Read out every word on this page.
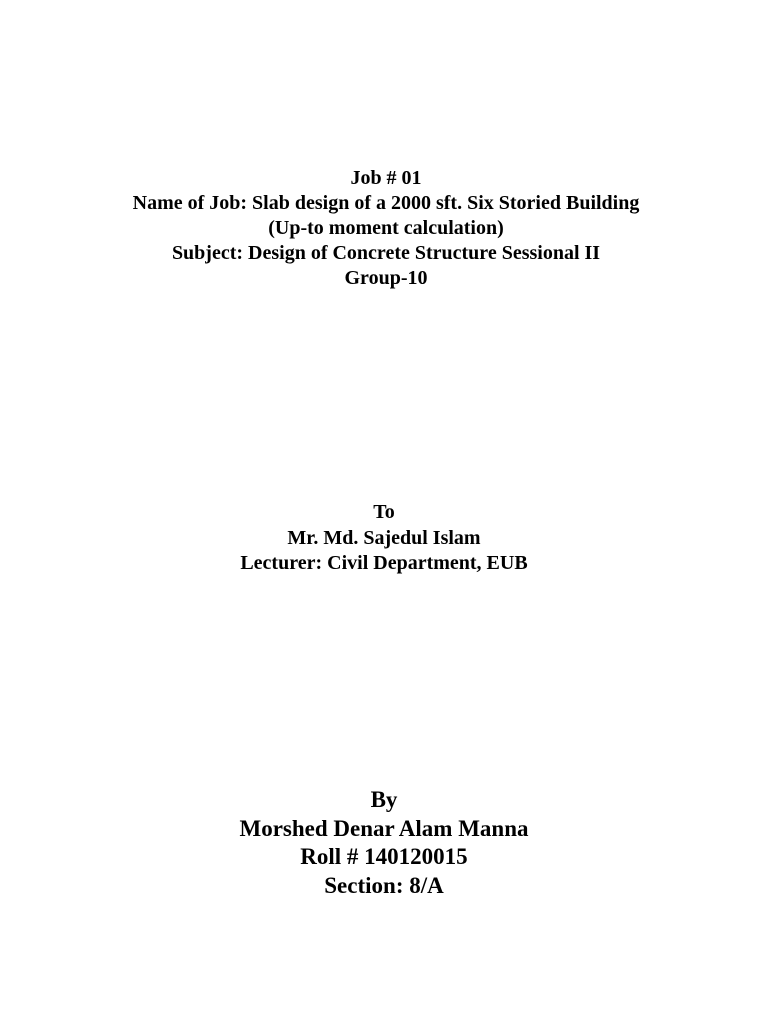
Job # 01
Name of Job: Slab design of a 2000 sft. Six Storied Building
(Up-to moment calculation)
Subject: Design of Concrete Structure Sessional II
Group-10
To
Mr. Md. Sajedul Islam
Lecturer: Civil Department, EUB
By
Morshed Denar Alam Manna
Roll # 140120015
Section: 8/A
